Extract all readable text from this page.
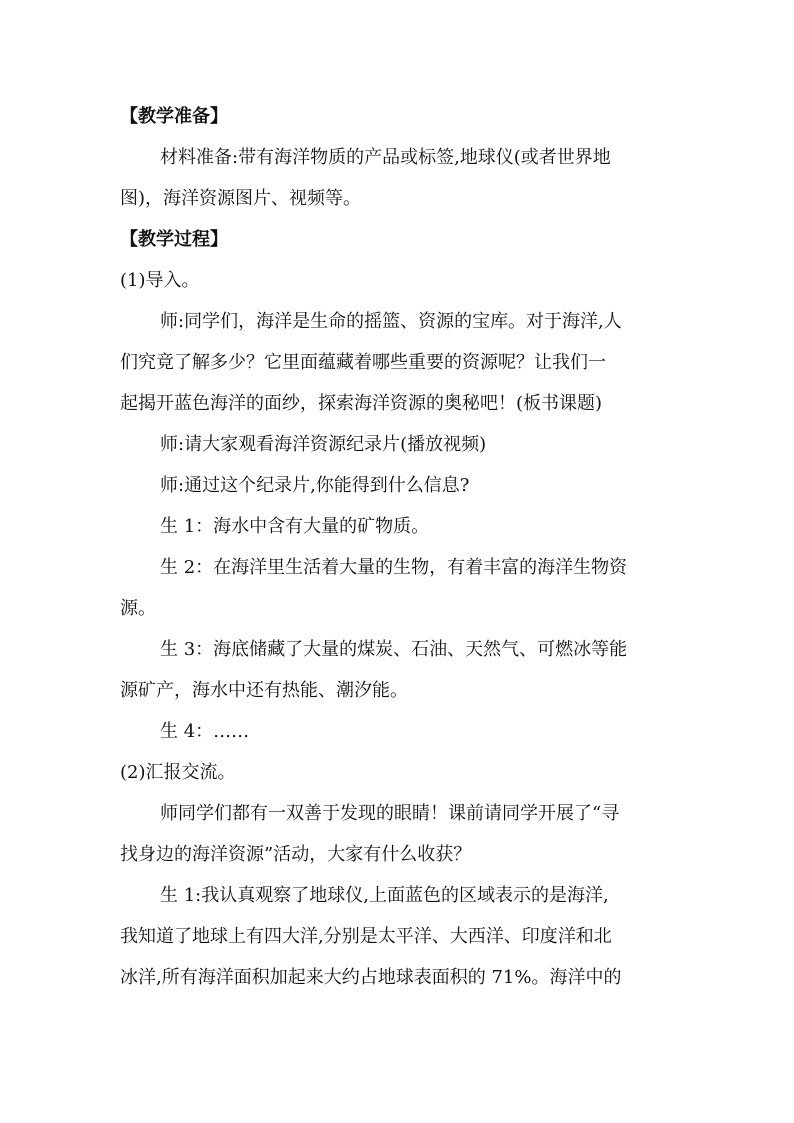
【教学准备】
材料准备:带有海洋物质的产品或标签,地球仪(或者世界地
图)，海洋资源图片、视频等。
【教学过程】
(1)导入。
师:同学们，海洋是生命的摇篮、资源的宝库。对于海洋,人
们究竟了解多少？它里面蕴藏着哪些重要的资源呢？让我们一
起揭开蓝色海洋的面纱，探索海洋资源的奥秘吧！(板书课题)
师:请大家观看海洋资源纪录片(播放视频)
师:通过这个纪录片,你能得到什么信息?
生 1：海水中含有大量的矿物质。
生 2：在海洋里生活着大量的生物，有着丰富的海洋生物资
源。
生 3：海底储藏了大量的煤炭、石油、天然气、可燃冰等能
源矿产，海水中还有热能、潮汐能。
生 4：……
(2)汇报交流。
师同学们都有一双善于发现的眼睛！课前请同学开展了“寻
找身边的海洋资源”活动，大家有什么收获？
生 1:我认真观察了地球仪,上面蓝色的区域表示的是海洋,
我知道了地球上有四大洋,分别是太平洋、大西洋、印度洋和北
冰洋,所有海洋面积加起来大约占地球表面积的 71%。海洋中的
